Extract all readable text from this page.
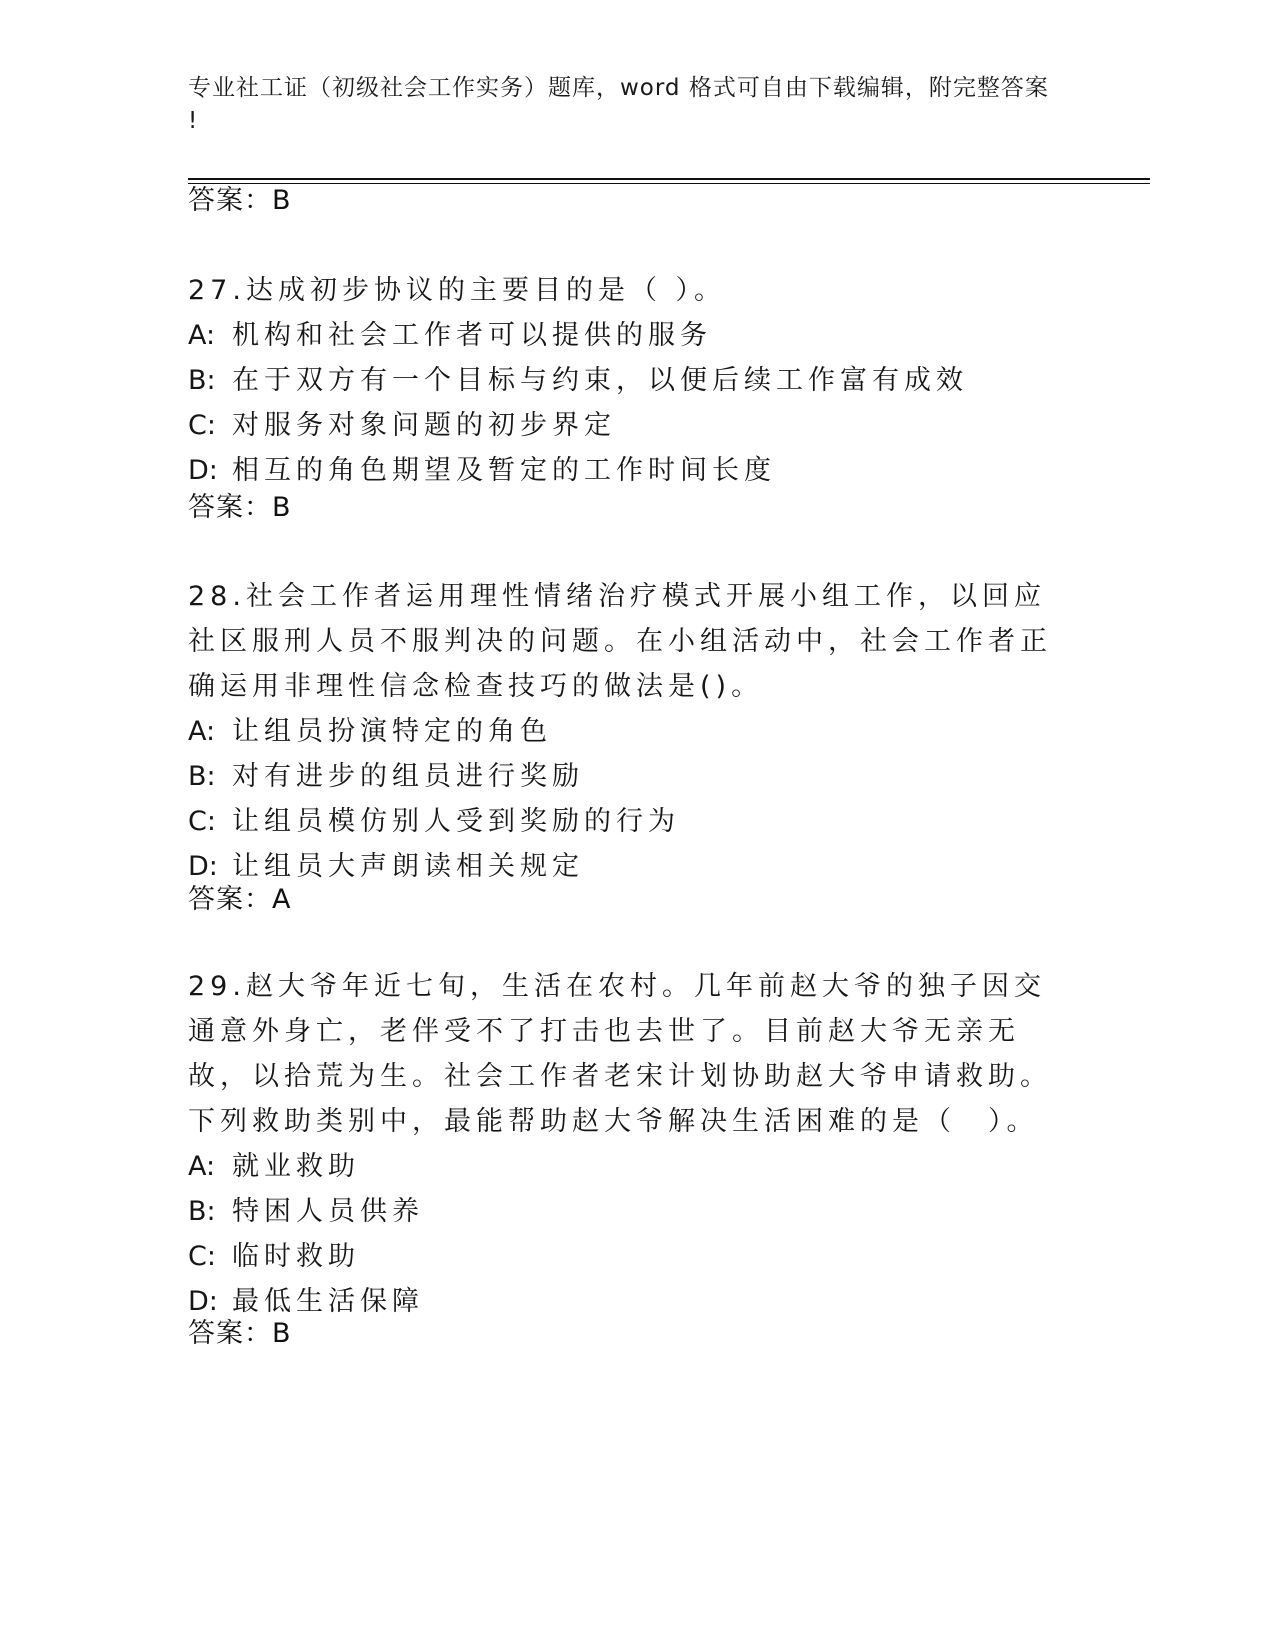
专业社工证（初级社会工作实务）题库，word 格式可自由下载编辑，附完整答案
!
答案：B

27.达成初步协议的主要目的是（ ）。

A: 机构和社会工作者可以提供的服务

B: 在于双方有一个目标与约束，以便后续工作富有成效

C: 对服务对象问题的初步界定

D: 相互的角色期望及暂定的工作时间长度

答案：B

28.社会工作者运用理性情绪治疗模式开展小组工作，以回应社区服刑人员不服判决的问题。在小组活动中，社会工作者正确运用非理性信念检查技巧的做法是()。

A: 让组员扮演特定的角色

B: 对有进步的组员进行奖励

C: 让组员模仿别人受到奖励的行为

D: 让组员大声朗读相关规定

答案：A

29.赵大爷年近七旬，生活在农村。几年前赵大爷的独子因交通意外身亡，老伴受不了打击也去世了。目前赵大爷无亲无故，以拾荒为生。社会工作者老宋计划协助赵大爷申请救助。下列救助类别中，最能帮助赵大爷解决生活困难的是（　）。

A: 就业救助

B: 特困人员供养

C: 临时救助

D: 最低生活保障

答案：B
